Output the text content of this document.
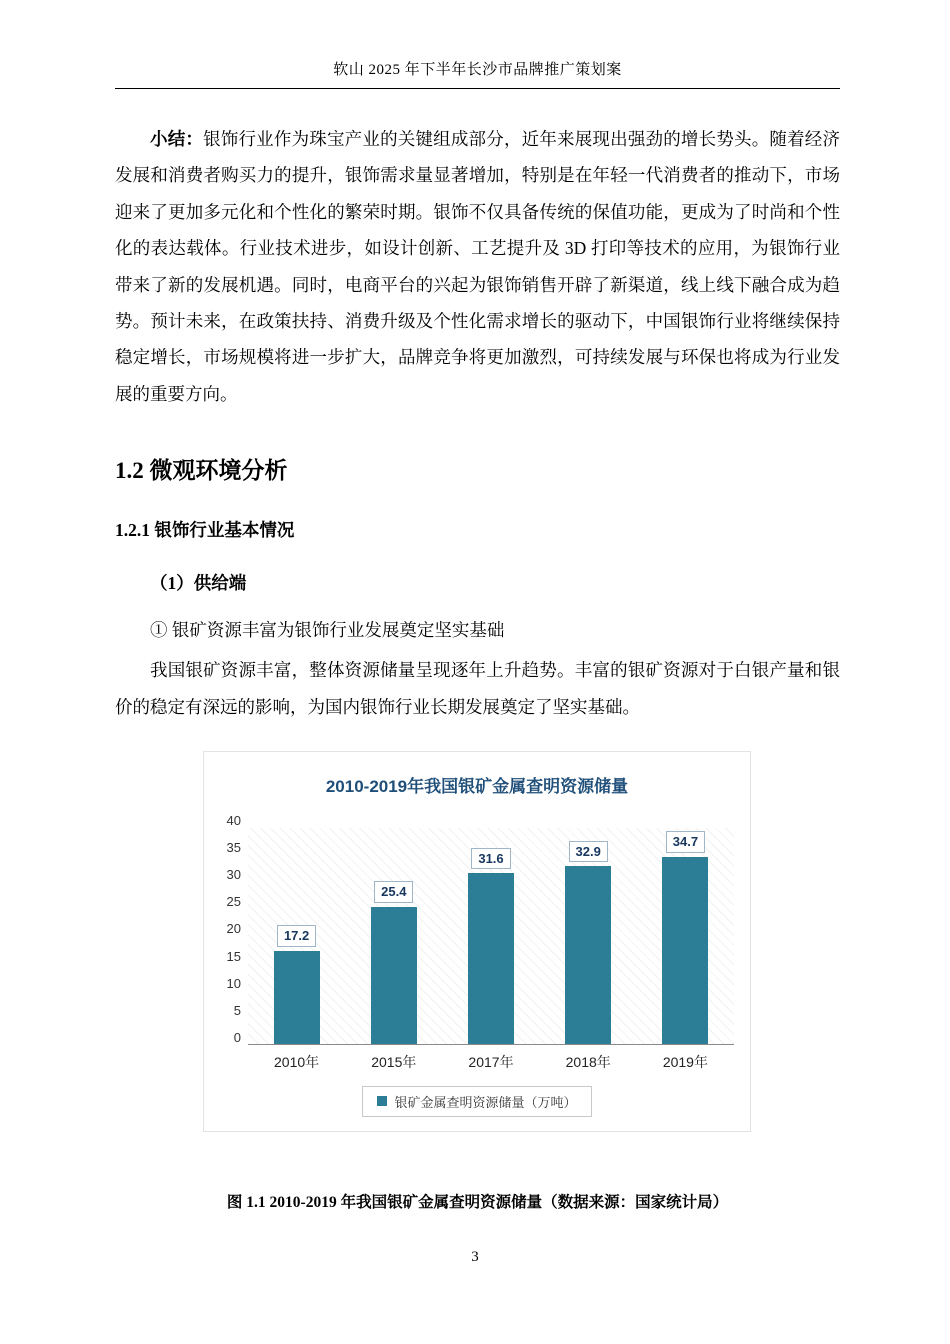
软山 2025 年下半年长沙市品牌推广策划案

小结：银饰行业作为珠宝产业的关键组成部分，近年来展现出强劲的增长势头。随着经济发展和消费者购买力的提升，银饰需求量显著增加，特别是在年轻一代消费者的推动下，市场迎来了更加多元化和个性化的繁荣时期。银饰不仅具备传统的保值功能，更成为了时尚和个性化的表达载体。行业技术进步，如设计创新、工艺提升及 3D 打印等技术的应用，为银饰行业带来了新的发展机遇。同时，电商平台的兴起为银饰销售开辟了新渠道，线上线下融合成为趋势。预计未来，在政策扶持、消费升级及个性化需求增长的驱动下，中国银饰行业将继续保持稳定增长，市场规模将进一步扩大，品牌竞争将更加激烈，可持续发展与环保也将成为行业发展的重要方向。

1.2 微观环境分析
1.2.1 银饰行业基本情况
（1）供给端
① 银矿资源丰富为银饰行业发展奠定坚实基础

我国银矿资源丰富，整体资源储量呈现逐年上升趋势。丰富的银矿资源对于白银产量和银价的稳定有深远的影响，为国内银饰行业长期发展奠定了坚实基础。

2010-2019年我国银矿金属查明资源储量
40
35
30
25
20
15
10
5
0
17.2
25.4
31.6	32.9
34.7
2010年	2015年	2017年	2018年	2019年
银矿金属查明资源储量（万吨）
图 1.1 2010-2019 年我国银矿金属查明资源储量（数据来源：国家统计局）
3
